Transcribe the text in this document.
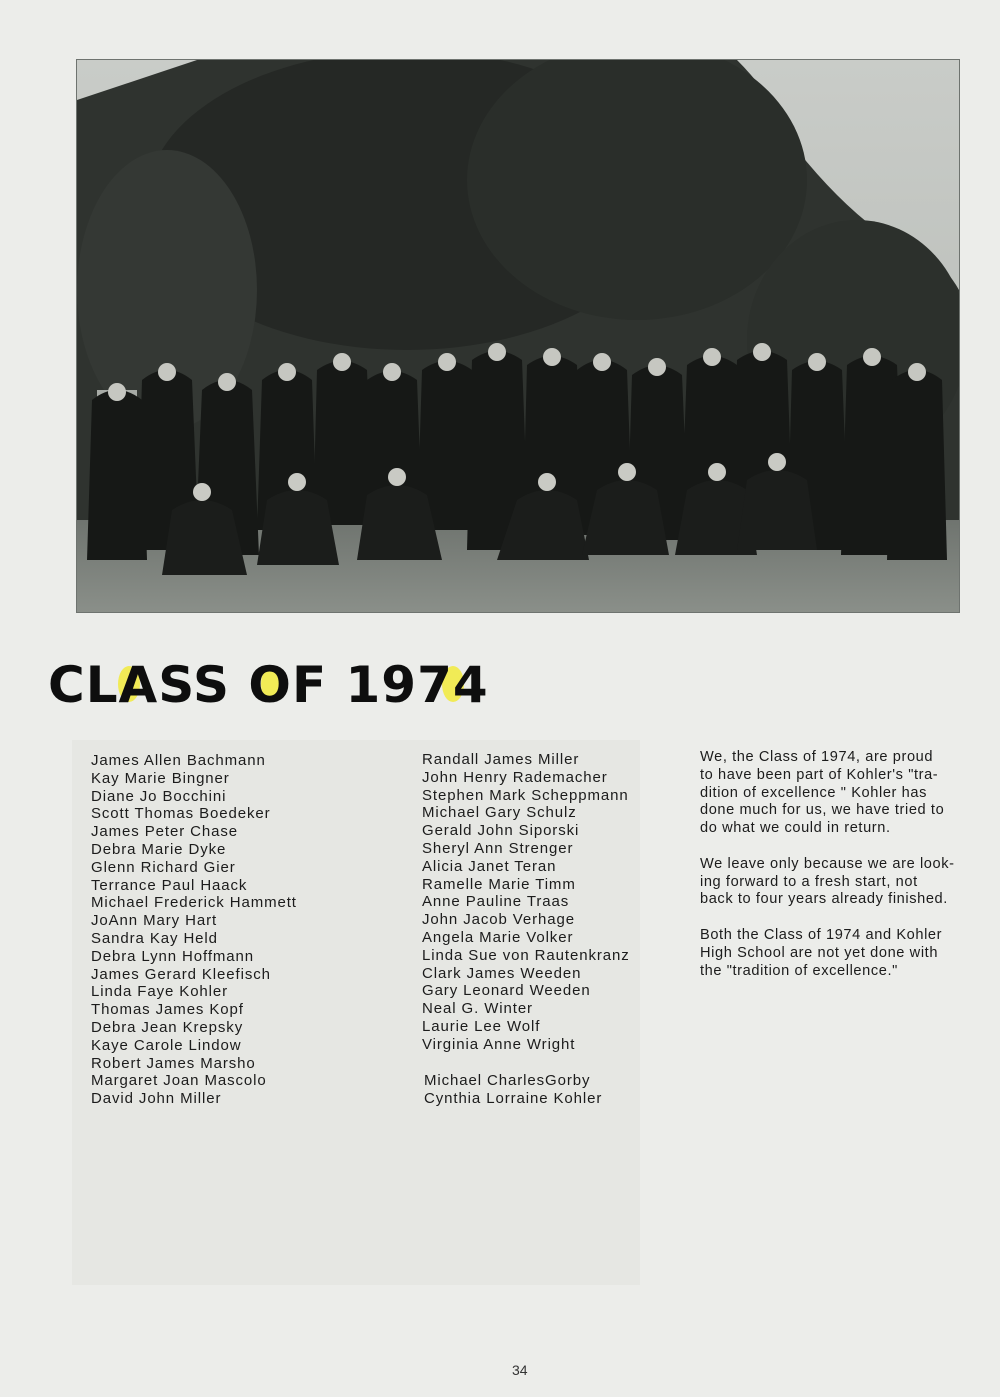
CLASS OF 1974
James Allen Bachmann
Kay Marie Bingner
Diane Jo Bocchini
Scott Thomas Boedeker
James Peter Chase
Debra Marie Dyke
Glenn Richard Gier
Terrance Paul Haack
Michael Frederick Hammett
JoAnn Mary Hart
Sandra Kay Held
Debra Lynn Hoffmann
James Gerard Kleefisch
Linda Faye Kohler
Thomas James Kopf
Debra Jean Krepsky
Kaye Carole Lindow
Robert James Marsho
Margaret Joan Mascolo
David John Miller
Randall James Miller
John Henry Rademacher
Stephen Mark Scheppmann
Michael Gary Schulz
Gerald John Siporski
Sheryl Ann Strenger
Alicia Janet Teran
Ramelle Marie Timm
Anne Pauline Traas
John Jacob Verhage
Angela Marie Volker
Linda Sue von Rautenkranz
Clark James Weeden
Gary Leonard Weeden
Neal G. Winter
Laurie Lee Wolf
Virginia Anne Wright
Michael CharlesGorby
Cynthia Lorraine Kohler

We, the Class of 1974, are proud
to have been part of Kohler's "tra-
dition of excellence " Kohler has
done much for us, we have tried to
do what we could in return.

We leave only because we are look-
ing forward to a fresh start, not
back to four years already finished.

Both the Class of 1974 and Kohler
High School are not yet done with
the "tradition of excellence."

34
